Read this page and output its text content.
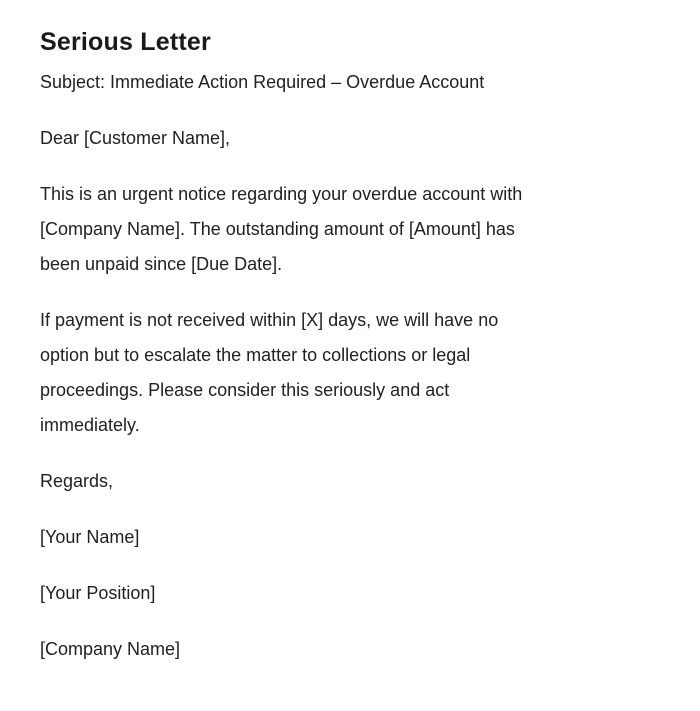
Serious Letter

Subject: Immediate Action Required – Overdue Account

Dear [Customer Name],

This is an urgent notice regarding your overdue account with
[Company Name]. The outstanding amount of [Amount] has
been unpaid since [Due Date].

If payment is not received within [X] days, we will have no
option but to escalate the matter to collections or legal
proceedings. Please consider this seriously and act
immediately.

Regards,

[Your Name]

[Your Position]

[Company Name]
